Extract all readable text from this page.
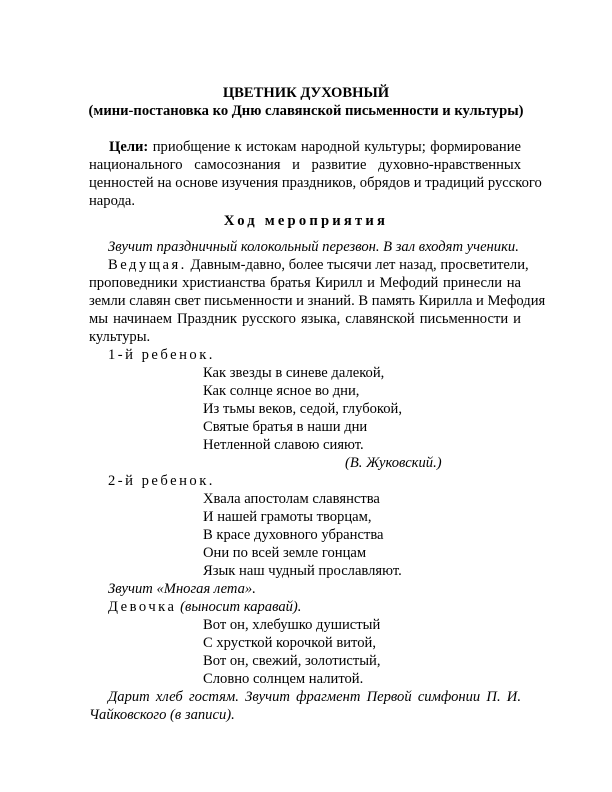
ЦВЕТНИК ДУХОВНЫЙ
(мини-постановка ко Дню славянской письменности и культуры)
Цели: приобщение к истокам народной культуры; формирование
национального самосознания и развитие духовно-нравственных
ценностей на основе изучения праздников, обрядов и традиций русского
народа.
Ход мероприятия
Звучит праздничный колокольный перезвон. В зал входят ученики.
Ведущая. Давным-давно, более тысячи лет назад, просветители,
проповедники христианства братья Кирилл и Мефодий принесли на
земли славян свет письменности и знаний. В память Кирилла и Мефодия
мы начинаем Праздник русского языка, славянской письменности и
культуры.
1-й ребенок.
Как звезды в синеве далекой,
Как солнце ясное во дни,
Из тьмы веков, седой, глубокой,
Святые братья в наши дни
Нетленной славою сияют.
(В. Жуковский.)
2-й ребенок.
Хвала апостолам славянства
И нашей грамоты творцам,
В красе духовного убранства
Они по всей земле гонцам
Язык наш чудный прославляют.
Звучит «Многая лета».
Девочка (выносит каравай).
Вот он, хлебушко душистый
С хрусткой корочкой витой,
Вот он, свежий, золотистый,
Словно солнцем налитой.
Дарит хлеб гостям. Звучит фрагмент Первой симфонии П. И.
Чайковского (в записи).
